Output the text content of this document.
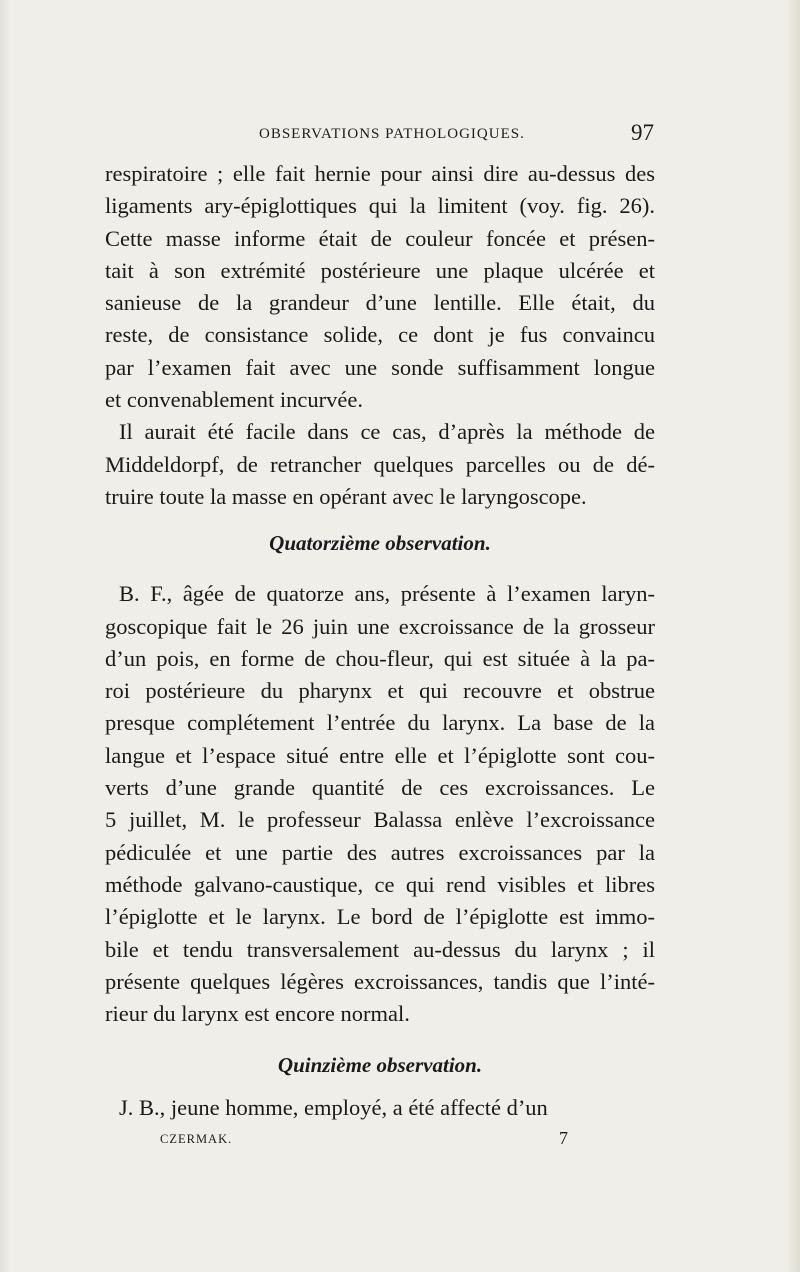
OBSERVATIONS PATHOLOGIQUES.	97

respiratoire ; elle fait hernie pour ainsi dire au-dessus des
ligaments ary-épiglottiques qui la limitent (voy. fig. 26).
Cette masse informe était de couleur foncée et présen-
tait à son extrémité postérieure une plaque ulcérée et
sanieuse de la grandeur d’une lentille. Elle était, du
reste, de consistance solide, ce dont je fus convaincu
par l’examen fait avec une sonde suffisamment longue
et convenablement incurvée.

Il aurait été facile dans ce cas, d’après la méthode de
Middeldorpf, de retrancher quelques parcelles ou de dé-
truire toute la masse en opérant avec le laryngoscope.

Quatorzième observation.

B. F., âgée de quatorze ans, présente à l’examen laryn-
goscopique fait le 26 juin une excroissance de la grosseur
d’un pois, en forme de chou-fleur, qui est située à la pa-
roi postérieure du pharynx et qui recouvre et obstrue
presque complétement l’entrée du larynx. La base de la
langue et l’espace situé entre elle et l’épiglotte sont cou-
verts d’une grande quantité de ces excroissances. Le
5 juillet, M. le professeur Balassa enlève l’excroissance
pédiculée et une partie des autres excroissances par la
méthode galvano-caustique, ce qui rend visibles et libres
l’épiglotte et le larynx. Le bord de l’épiglotte est immo-
bile et tendu transversalement au-dessus du larynx ; il
présente quelques légères excroissances, tandis que l’inté-
rieur du larynx est encore normal.

Quinzième observation.

J. B., jeune homme, employé, a été affecté d’un

CZERMAK.	7
